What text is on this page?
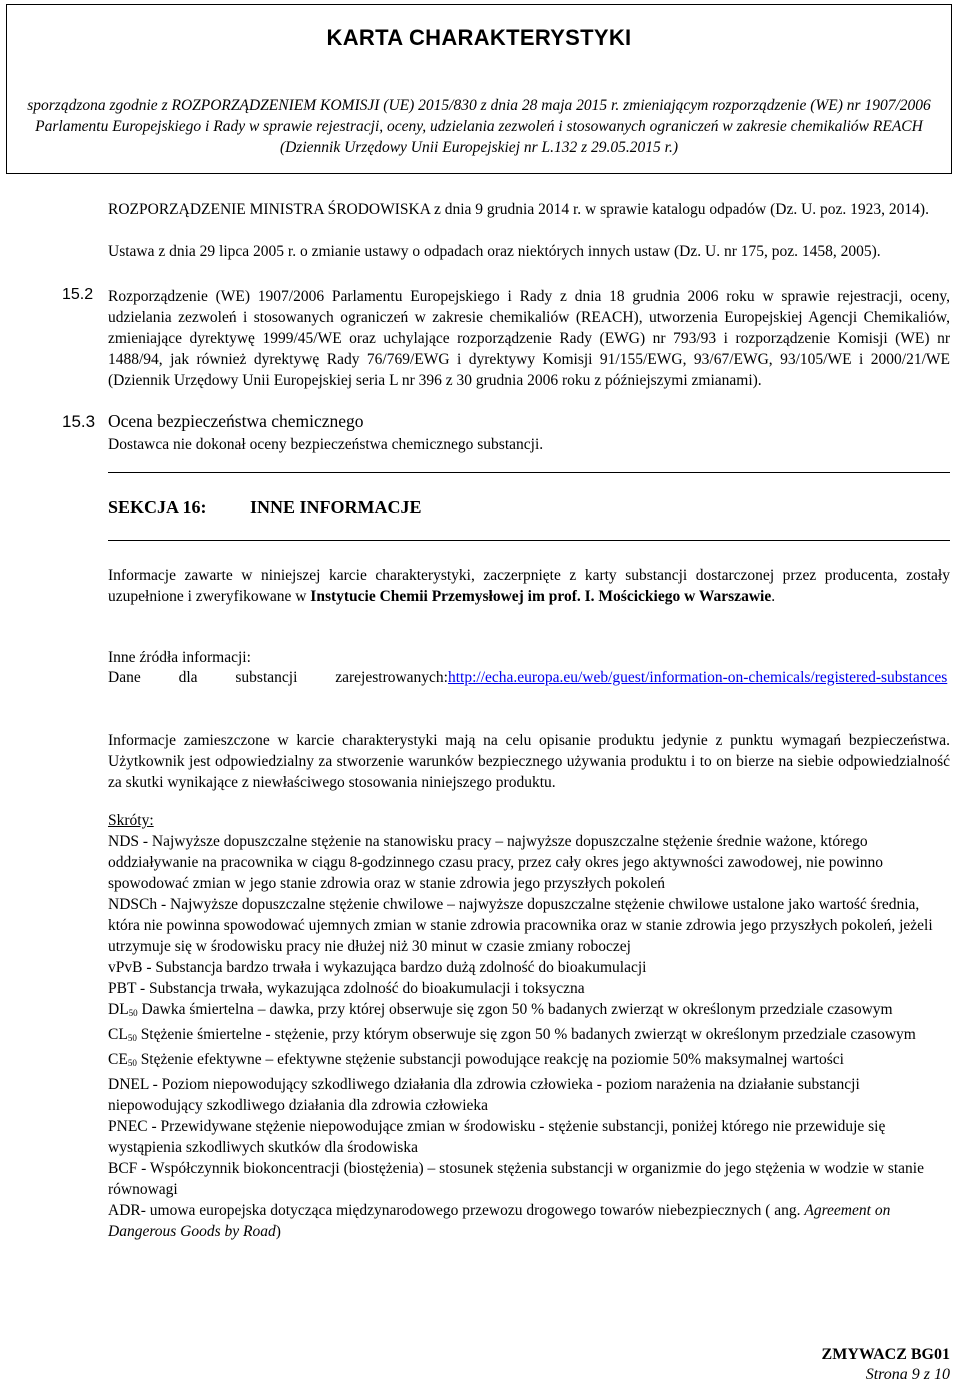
KARTA CHARAKTERYSTYKI
sporządzona zgodnie z ROZPORZĄDZENIEM KOMISJI (UE) 2015/830 z dnia 28 maja 2015 r. zmieniającym rozporządzenie (WE) nr 1907/2006 Parlamentu Europejskiego i Rady w sprawie rejestracji, oceny, udzielania zezwoleń i stosowanych ograniczeń w zakresie chemikaliów REACH (Dziennik Urzędowy Unii Europejskiej nr L.132 z 29.05.2015 r.)
ROZPORZĄDZENIE MINISTRA ŚRODOWISKA z dnia 9 grudnia 2014 r. w sprawie katalogu odpadów (Dz. U. poz. 1923, 2014).
Ustawa z dnia 29 lipca 2005 r. o zmianie ustawy o odpadach oraz niektórych innych ustaw (Dz. U. nr 175, poz. 1458, 2005).
15.2 Rozporządzenie (WE) 1907/2006 Parlamentu Europejskiego i Rady z dnia 18 grudnia 2006 roku w sprawie rejestracji, oceny, udzielania zezwoleń i stosowanych ograniczeń w zakresie chemikaliów (REACH), utworzenia Europejskiej Agencji Chemikaliów, zmieniające dyrektywę 1999/45/WE oraz uchylające rozporządzenie Rady (EWG) nr 793/93 i rozporządzenie Komisji (WE) nr 1488/94, jak również dyrektywę Rady 76/769/EWG i dyrektywy Komisji 91/155/EWG, 93/67/EWG, 93/105/WE i 2000/21/WE (Dziennik Urzędowy Unii Europejskiej seria L nr 396 z 30 grudnia 2006 roku z późniejszymi zmianami).
15.3 Ocena bezpieczeństwa chemicznego
Dostawca nie dokonał oceny bezpieczeństwa chemicznego substancji.
SEKCJA 16: INNE INFORMACJE
Informacje zawarte w niniejszej karcie charakterystyki, zaczerpnięte z karty substancji dostarczonej przez producenta, zostały uzupełnione i zweryfikowane w Instytucie Chemii Przemysłowej im prof. I. Mościckiego w Warszawie.
Inne źródła informacji:
Dane dla substancji zarejestrowanych:http://echa.europa.eu/web/guest/information-on-chemicals/registered-substances
Informacje zamieszczone w karcie charakterystyki mają na celu opisanie produktu jedynie z punktu wymagań bezpieczeństwa. Użytkownik jest odpowiedzialny za stworzenie warunków bezpiecznego używania produktu i to on bierze na siebie odpowiedzialność za skutki wynikające z niewłaściwego stosowania niniejszego produktu.
Skróty:

NDS - Najwyższe dopuszczalne stężenie na stanowisku pracy – najwyższe dopuszczalne stężenie średnie ważone, którego oddziaływanie na pracownika w ciągu 8-godzinnego czasu pracy, przez cały okres jego aktywności zawodowej, nie powinno spowodować zmian w jego stanie zdrowia oraz w stanie zdrowia jego przyszłych pokoleń

NDSCh - Najwyższe dopuszczalne stężenie chwilowe – najwyższe dopuszczalne stężenie chwilowe ustalone jako wartość średnia, która nie powinna spowodować ujemnych zmian w stanie zdrowia pracownika oraz w stanie zdrowia jego przyszłych pokoleń, jeżeli utrzymuje się w środowisku pracy nie dłużej niż 30 minut w czasie zmiany roboczej

vPvB - Substancja bardzo trwała i wykazująca bardzo dużą zdolność do bioakumulacji

PBT - Substancja trwała, wykazująca zdolność do bioakumulacji i toksyczna

$DL_{50}$ Dawka śmiertelna – dawka, przy której obserwuje się zgon 50 % badanych zwierząt w określonym przedziale czasowym

$CL_{50}$ Stężenie śmiertelne - stężenie, przy którym obserwuje się zgon 50 % badanych zwierząt w określonym przedziale czasowym

$CE_{50}$ Stężenie efektywne – efektywne stężenie substancji powodujące reakcję na poziomie 50% maksymalnej wartości

DNEL - Poziom niepowodujący szkodliwego działania dla zdrowia człowieka - poziom narażenia na działanie substancji niepowodujący szkodliwego działania dla zdrowia człowieka

PNEC - Przewidywane stężenie niepowodujące zmian w środowisku - stężenie substancji, poniżej którego nie przewiduje się wystąpienia szkodliwych skutków dla środowiska

BCF - Współczynnik biokoncentracji (biostężenia) – stosunek stężenia substancji w organizmie do jego stężenia w wodzie w stanie równowagi

ADR- umowa europejska dotycząca międzynarodowego przewozu drogowego towarów niebezpiecznych ( ang. Agreement on Dangerous Goods by Road)

ZMYWACZ BG01
Strona 9 z 10
